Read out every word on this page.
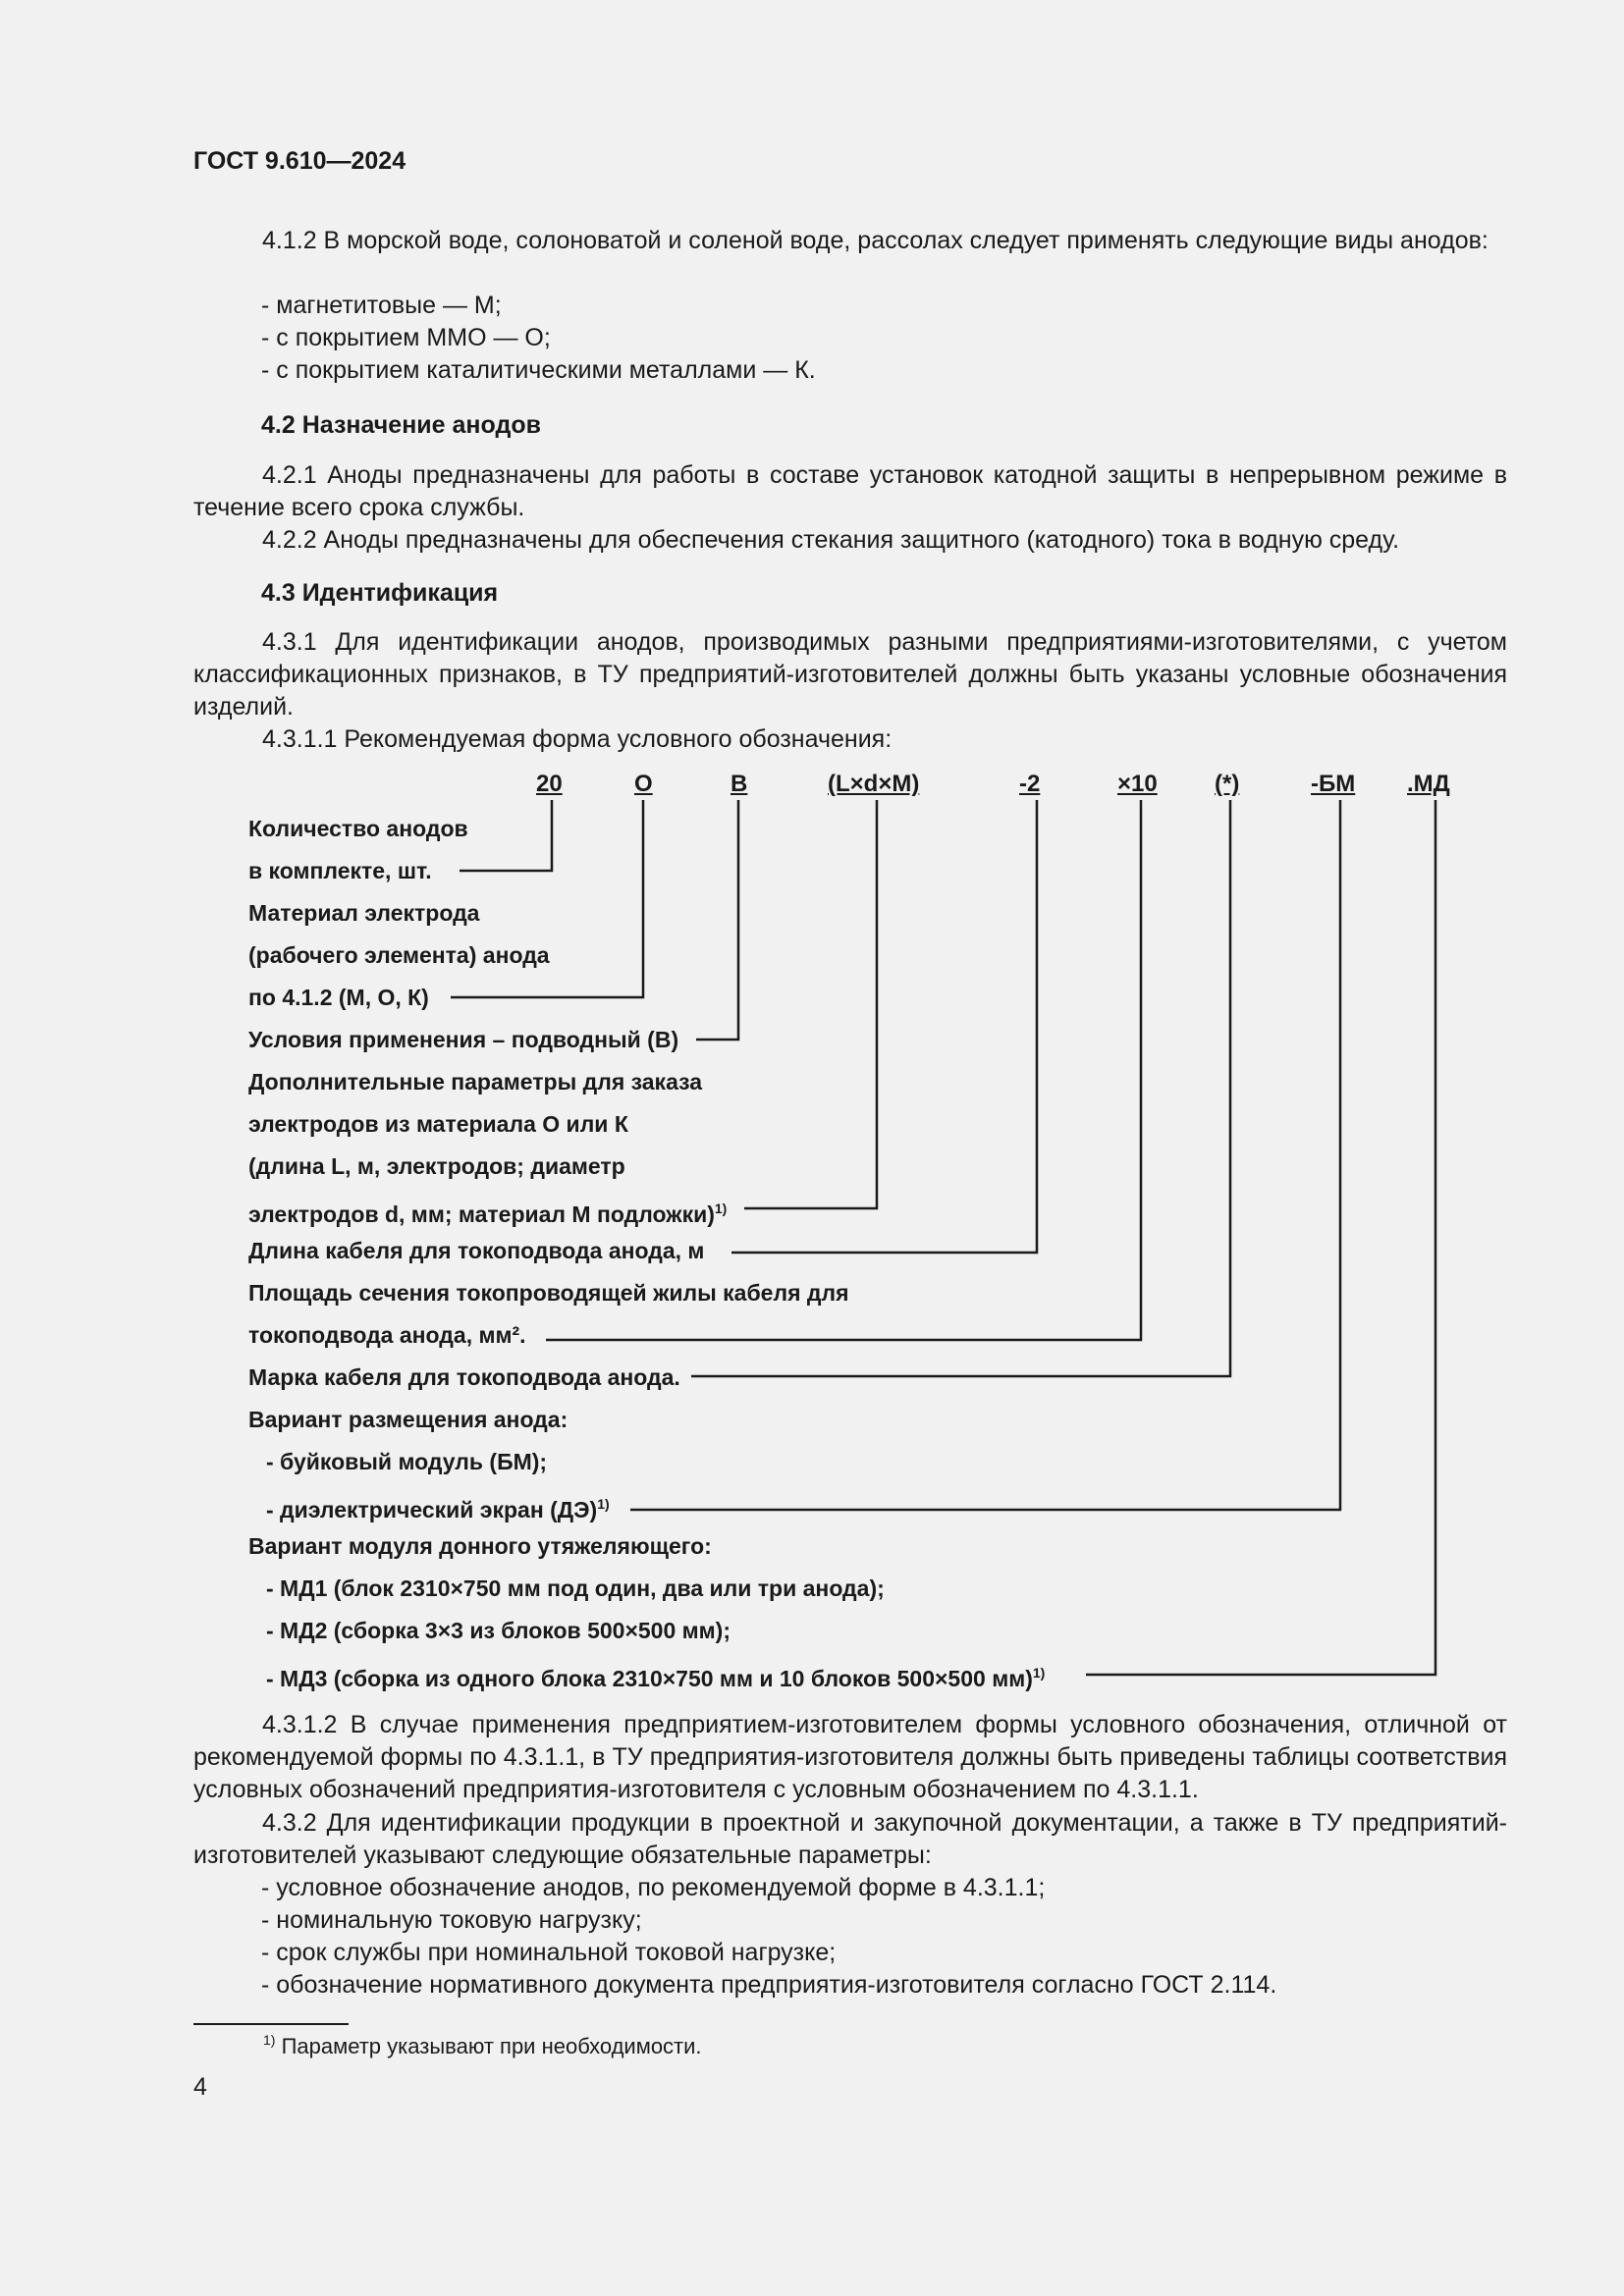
ГОСТ 9.610—2024
4.1.2 В морской воде, солоноватой и соленой воде, рассолах следует применять следующие виды анодов:
- магнетитовые — М;
- с покрытием ММО — О;
- с покрытием каталитическими металлами — К.
4.2 Назначение анодов
4.2.1 Аноды предназначены для работы в составе установок катодной защиты в непрерывном режиме в течение всего срока службы.
4.2.2 Аноды предназначены для обеспечения стекания защитного (катодного) тока в водную среду.
4.3 Идентификация
4.3.1 Для идентификации анодов, производимых разными предприятиями-изготовителями, с учетом классификационных признаков, в ТУ предприятий-изготовителей должны быть указаны условные обозначения изделий.
4.3.1.1 Рекомендуемая форма условного обозначения:
20	О	В	(L×d×M)	-2	×10 (*)	-БМ .МД
Количество анодов
в комплекте, шт.
Материал электрода
(рабочего элемента) анода
по 4.1.2 (М, О, К)
Условия применения – подводный (В)
Дополнительные параметры для заказа
электродов из материала О или К
(длина L, м, электродов; диаметр
электродов d, мм; материал М подложки)$^{1)}$
Длина кабеля для токоподвода анода, м
Площадь сечения токопроводящей жилы кабеля для
токоподвода анода, мм².
Марка кабеля для токоподвода анода.
Вариант размещения анода:
- буйковый модуль (БМ);
- диэлектрический экран (ДЭ)$^{1)}$
Вариант модуля донного утяжеляющего:
- МД1 (блок 2310×750 мм под один, два или три анода);
- МД2 (сборка 3×3 из блоков 500×500 мм);
- МД3 (сборка из одного блока 2310×750 мм и 10 блоков 500×500 мм)$^{1)}$
4.3.1.2 В случае применения предприятием-изготовителем формы условного обозначения, отличной от рекомендуемой формы по 4.3.1.1, в ТУ предприятия-изготовителя должны быть приведены таблицы соответствия условных обозначений предприятия-изготовителя с условным обозначением по 4.3.1.1.
4.3.2 Для идентификации продукции в проектной и закупочной документации, а также в ТУ предприятий-изготовителей указывают следующие обязательные параметры:
- условное обозначение анодов, по рекомендуемой форме в 4.3.1.1;
- номинальную токовую нагрузку;
- срок службы при номинальной токовой нагрузке;
- обозначение нормативного документа предприятия-изготовителя согласно ГОСТ 2.114.
$^{1)}$ Параметр указывают при необходимости.
4
